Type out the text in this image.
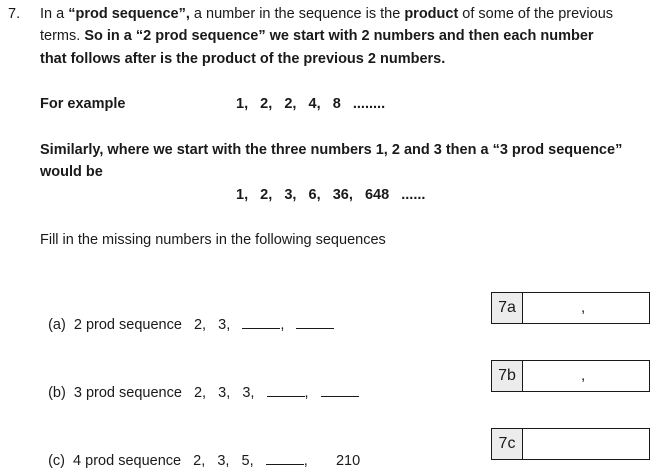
7. In a “prod sequence”, a number in the sequence is the product of some of the previous
terms. So in a “2 prod sequence” we start with 2 numbers and then each number
that follows after is the product of the previous 2 numbers.
For example	1,   2,   2,   4,   8   ........
Similarly, where we start with the three numbers 1, 2 and 3 then a “3 prod sequence”
would be
1,   2,   3,   6,   36,   648   ......
Fill in the missing numbers in the following sequences

(a) 2 prod sequence 2,   3,	,

7a	,

(b) 3 prod sequence 2,   3,   3,	,

7b	,

(c) 4 prod sequence 2,   3,   5,	, 210

7c
